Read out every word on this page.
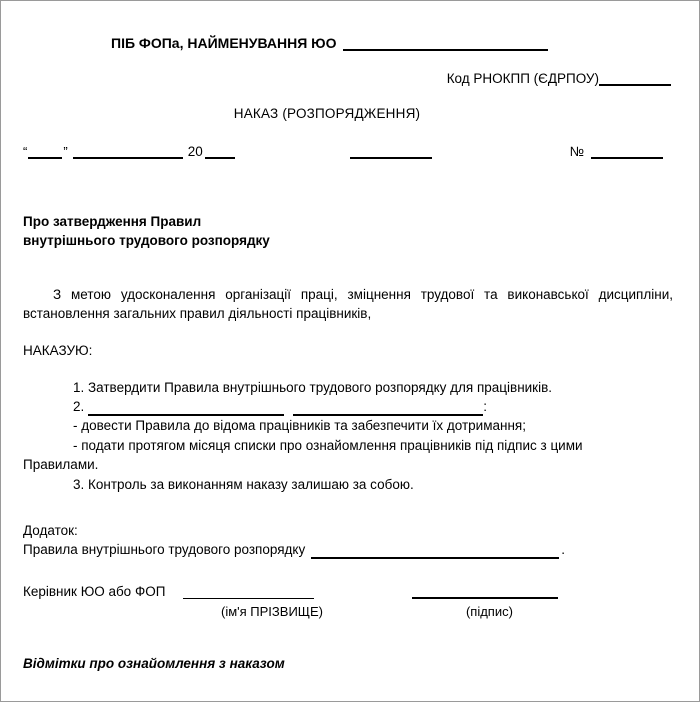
ПІБ ФОПа, НАЙМЕНУВАННЯ ЮО
Код РНОКПП (ЄДРПОУ)
НАКАЗ (РОЗПОРЯДЖЕННЯ)
“	”	20	№
Про затвердження Правил
внутрішнього трудового розпорядку
З метою удосконалення організації праці, зміцнення трудової та виконавської дисципліни, встановлення загальних правил діяльності працівників,
НАКАЗУЮ:
1. Затвердити Правила внутрішнього трудового розпорядку для працівників.
2.	:
- довести Правила до відома працівників та забезпечити їх дотримання;
- подати протягом місяця списки про ознайомлення працівників під підпис з цими
Правилами.
3. Контроль за виконанням наказу залишаю за собою.
Додаток:
Правила внутрішнього трудового розпорядку	.
Керівник ЮО або ФОП
(ім'я ПРІЗВИЩЕ)	(підпис)
Відмітки про ознайомлення з наказом
